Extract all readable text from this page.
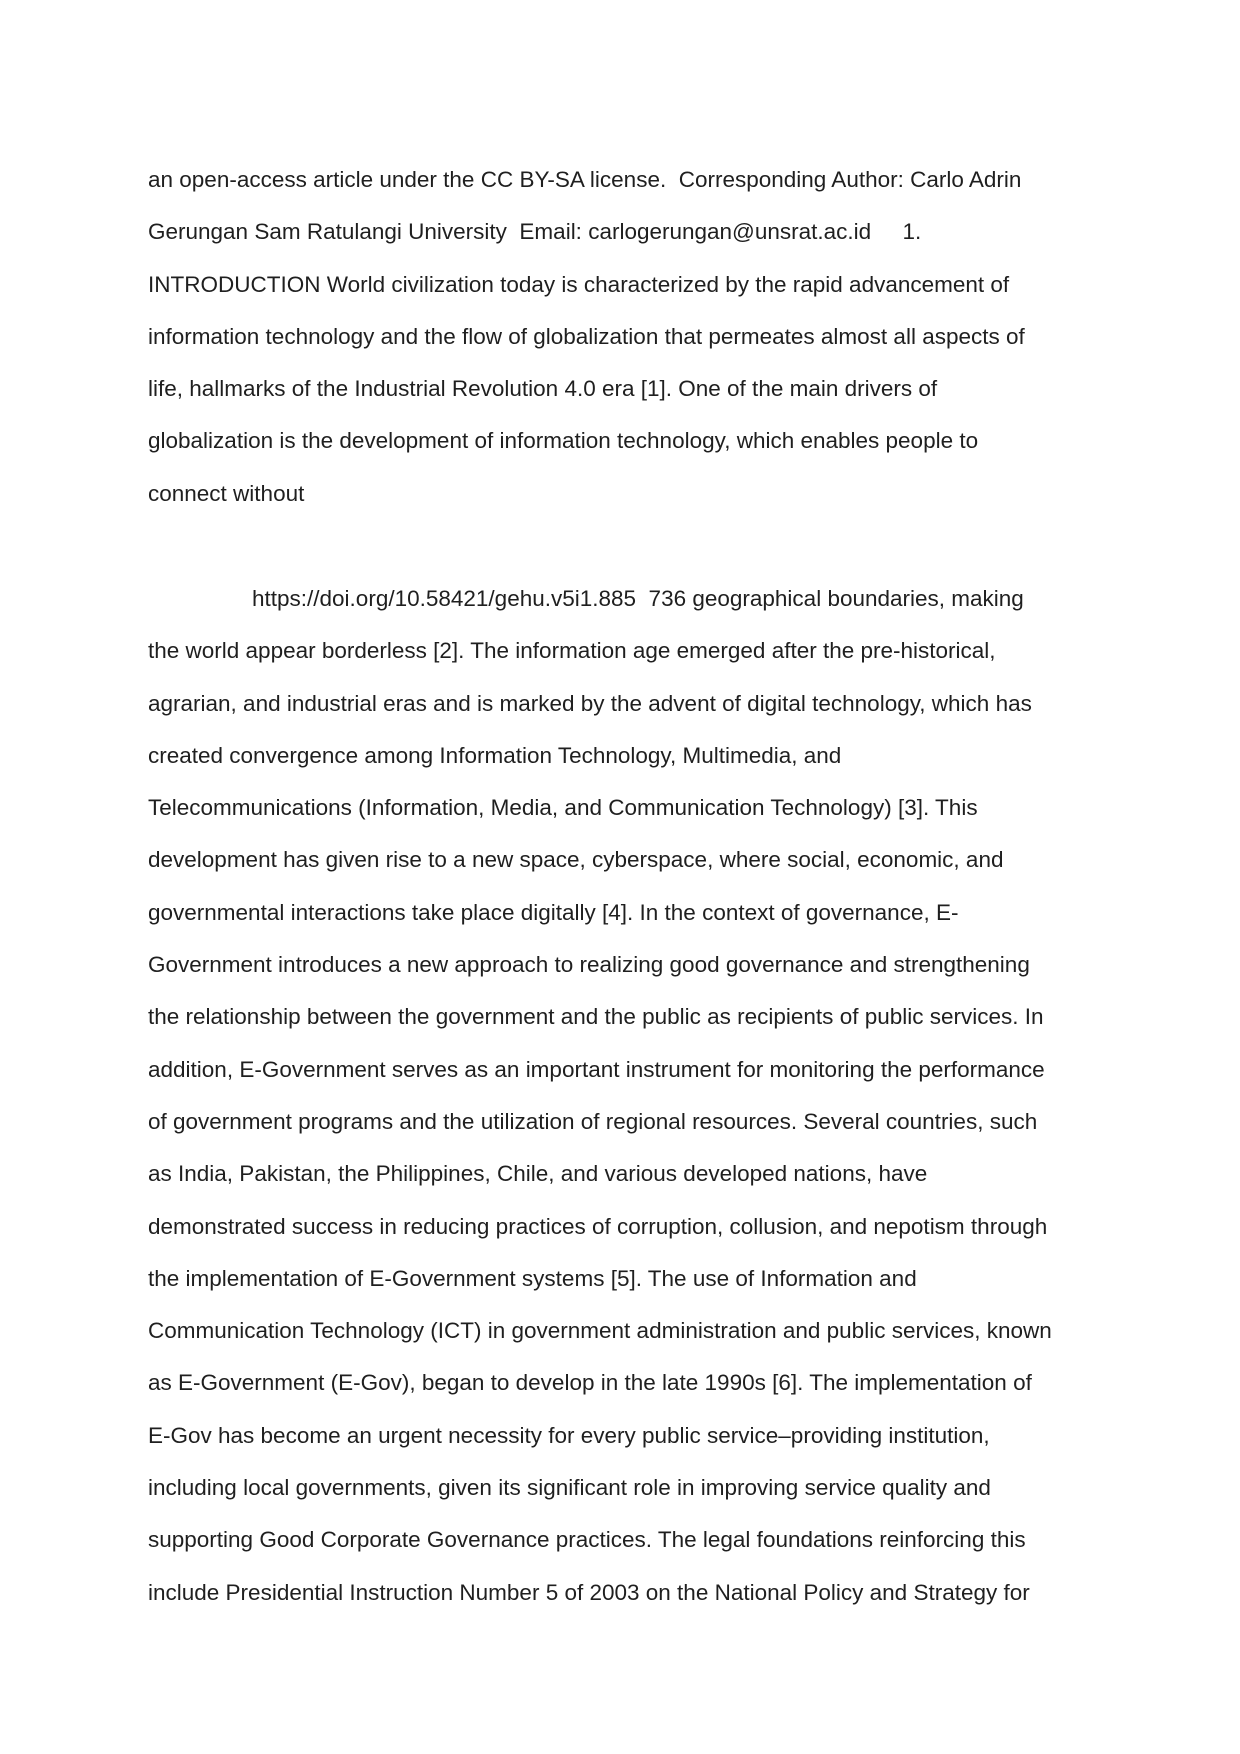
an open-access article under the CC BY-SA license.  Corresponding Author: Carlo Adrin
Gerungan Sam Ratulangi University  Email: carlogerungan@unsrat.ac.id     1.
INTRODUCTION World civilization today is characterized by the rapid advancement of
information technology and the flow of globalization that permeates almost all aspects of
life, hallmarks of the Industrial Revolution 4.0 era [1]. One of the main drivers of
globalization is the development of information technology, which enables people to
connect without
https://doi.org/10.58421/gehu.v5i1.885  736 geographical boundaries, making
the world appear borderless [2]. The information age emerged after the pre-historical,
agrarian, and industrial eras and is marked by the advent of digital technology, which has
created convergence among Information Technology, Multimedia, and
Telecommunications (Information, Media, and Communication Technology) [3]. This
development has given rise to a new space, cyberspace, where social, economic, and
governmental interactions take place digitally [4]. In the context of governance, E-
Government introduces a new approach to realizing good governance and strengthening
the relationship between the government and the public as recipients of public services. In
addition, E-Government serves as an important instrument for monitoring the performance
of government programs and the utilization of regional resources. Several countries, such
as India, Pakistan, the Philippines, Chile, and various developed nations, have
demonstrated success in reducing practices of corruption, collusion, and nepotism through
the implementation of E-Government systems [5]. The use of Information and
Communication Technology (ICT) in government administration and public services, known
as E-Government (E-Gov), began to develop in the late 1990s [6]. The implementation of
E-Gov has become an urgent necessity for every public service–providing institution,
including local governments, given its significant role in improving service quality and
supporting Good Corporate Governance practices. The legal foundations reinforcing this
include Presidential Instruction Number 5 of 2003 on the National Policy and Strategy for
